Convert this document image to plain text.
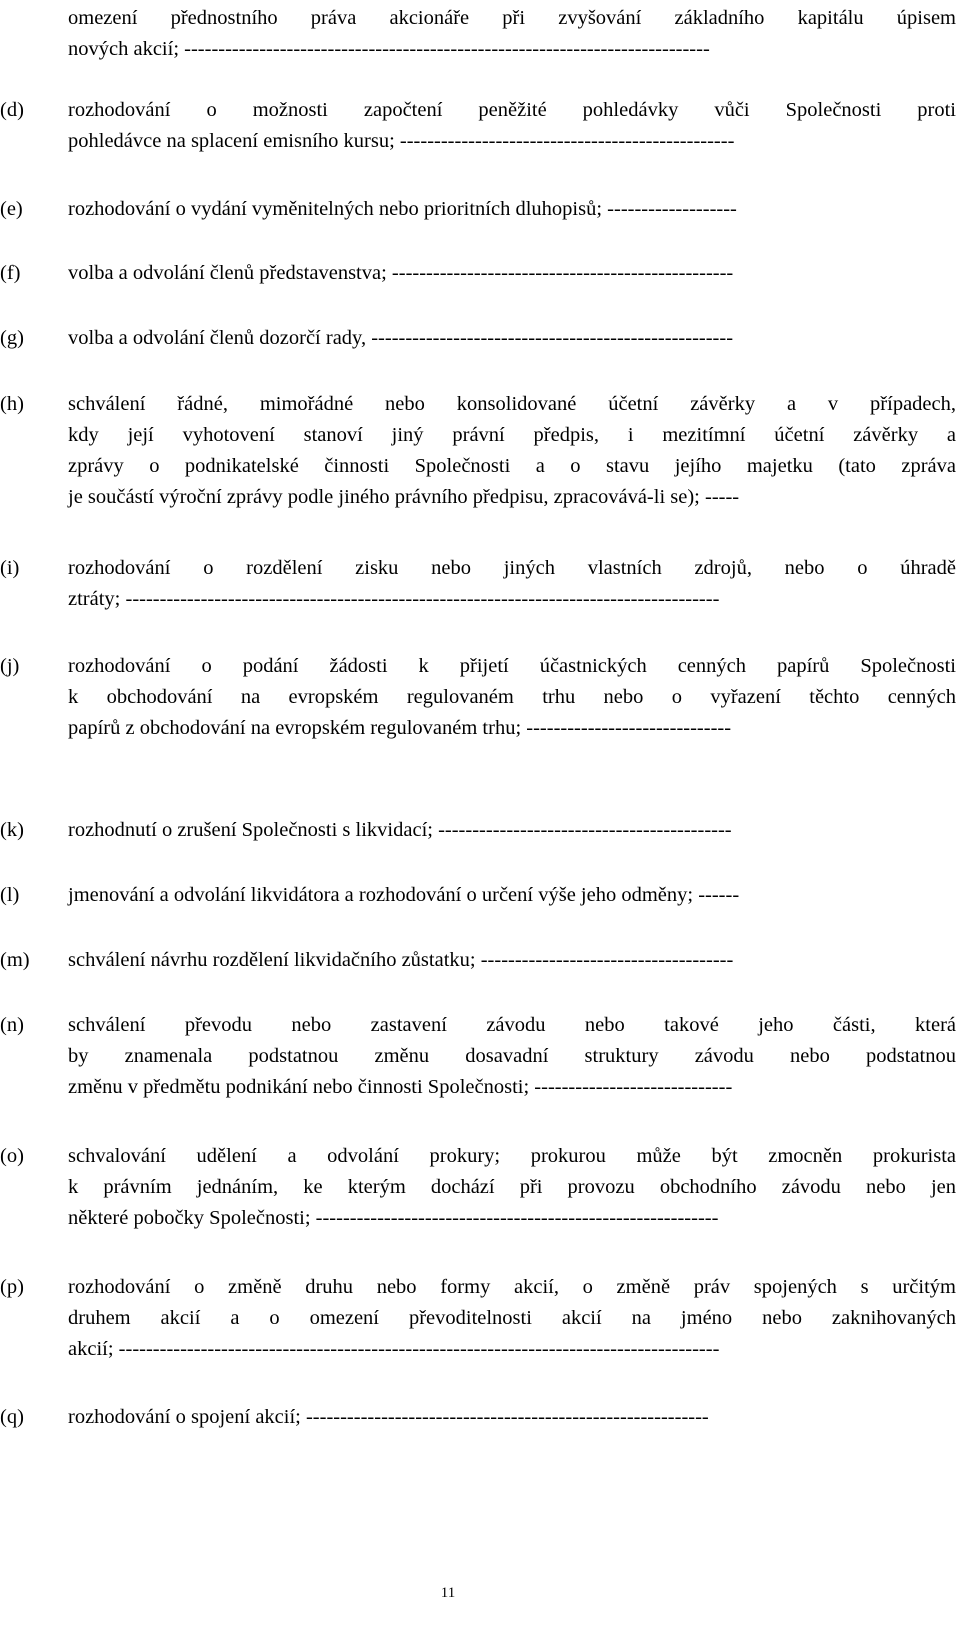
omezení přednostního práva akcionáře při zvyšování základního kapitálu úpisem
nových akcií; -----------------------------------------------------------------------------
(d)	rozhodování o možnosti započtení peněžité pohledávky vůči Společnosti proti
pohledávce na splacení emisního kursu; -------------------------------------------------
(e)	rozhodování o vydání vyměnitelných nebo prioritních dluhopisů; -------------------
(f)	volba a odvolání členů představenstva; --------------------------------------------------
(g)	volba a odvolání členů dozorčí rady, -----------------------------------------------------
(h)	schválení řádné, mimořádné nebo konsolidované účetní závěrky a v případech,
kdy její vyhotovení stanoví jiný právní předpis, i mezitímní účetní závěrky a
zprávy o podnikatelské činnosti Společnosti a o stavu jejího majetku (tato zpráva
je součástí výroční zprávy podle jiného právního předpisu, zpracovává-li se); -----
(i)	rozhodování o rozdělení zisku nebo jiných vlastních zdrojů, nebo o úhradě
ztráty; ---------------------------------------------------------------------------------------
(j)	rozhodování o podání žádosti k přijetí účastnických cenných papírů Společnosti
k obchodování na evropském regulovaném trhu nebo o vyřazení těchto cenných
papírů z obchodování na evropském regulovaném trhu; ------------------------------
(k)	rozhodnutí o zrušení Společnosti s likvidací; -------------------------------------------
(l)	jmenování a odvolání likvidátora a rozhodování o určení výše jeho odměny; ------
(m)	schválení návrhu rozdělení likvidačního zůstatku; -------------------------------------
(n)	schválení převodu nebo zastavení závodu nebo takové jeho části, která
by znamenala podstatnou změnu dosavadní struktury závodu nebo podstatnou
změnu v předmětu podnikání nebo činnosti Společnosti; -----------------------------
(o)	schvalování udělení a odvolání prokury; prokurou může být zmocněn prokurista
k právním jednáním, ke kterým dochází při provozu obchodního závodu nebo jen
některé pobočky Společnosti; -----------------------------------------------------------
(p)	rozhodování o změně druhu nebo formy akcií, o změně práv spojených s určitým
druhem akcií a o omezení převoditelnosti akcií na jméno nebo zaknihovaných
akcií; ----------------------------------------------------------------------------------------
(q)	rozhodování o spojení akcií; -----------------------------------------------------------
11
